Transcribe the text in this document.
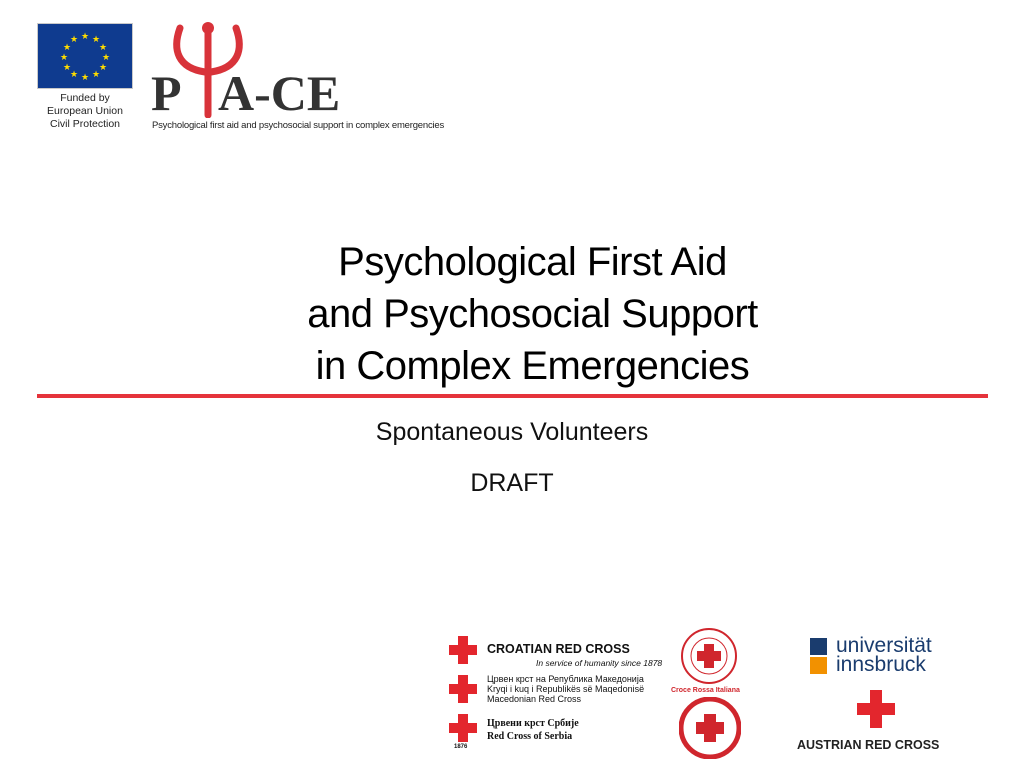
★ ★
★
★
★
★
★
★
★
★
★
★
Funded by
European Union
Civil Protection
P A-CE
Psychological first aid and psychosocial support in complex emergencies
Psychological First Aid
and Psychosocial Support
in Complex Emergencies
Spontaneous Volunteers
DRAFT
CROATIAN RED CROSS
In service of humanity since 1878
Црвен крст на Република Македонија
Kryqi i kuq i Republikës së Maqedonisë
Macedonian Red Cross
1876
Црвени крст Србије
Red Cross of Serbia
Croce Rossa Italiana
universität
innsbruck
AUSTRIAN RED CROSS
